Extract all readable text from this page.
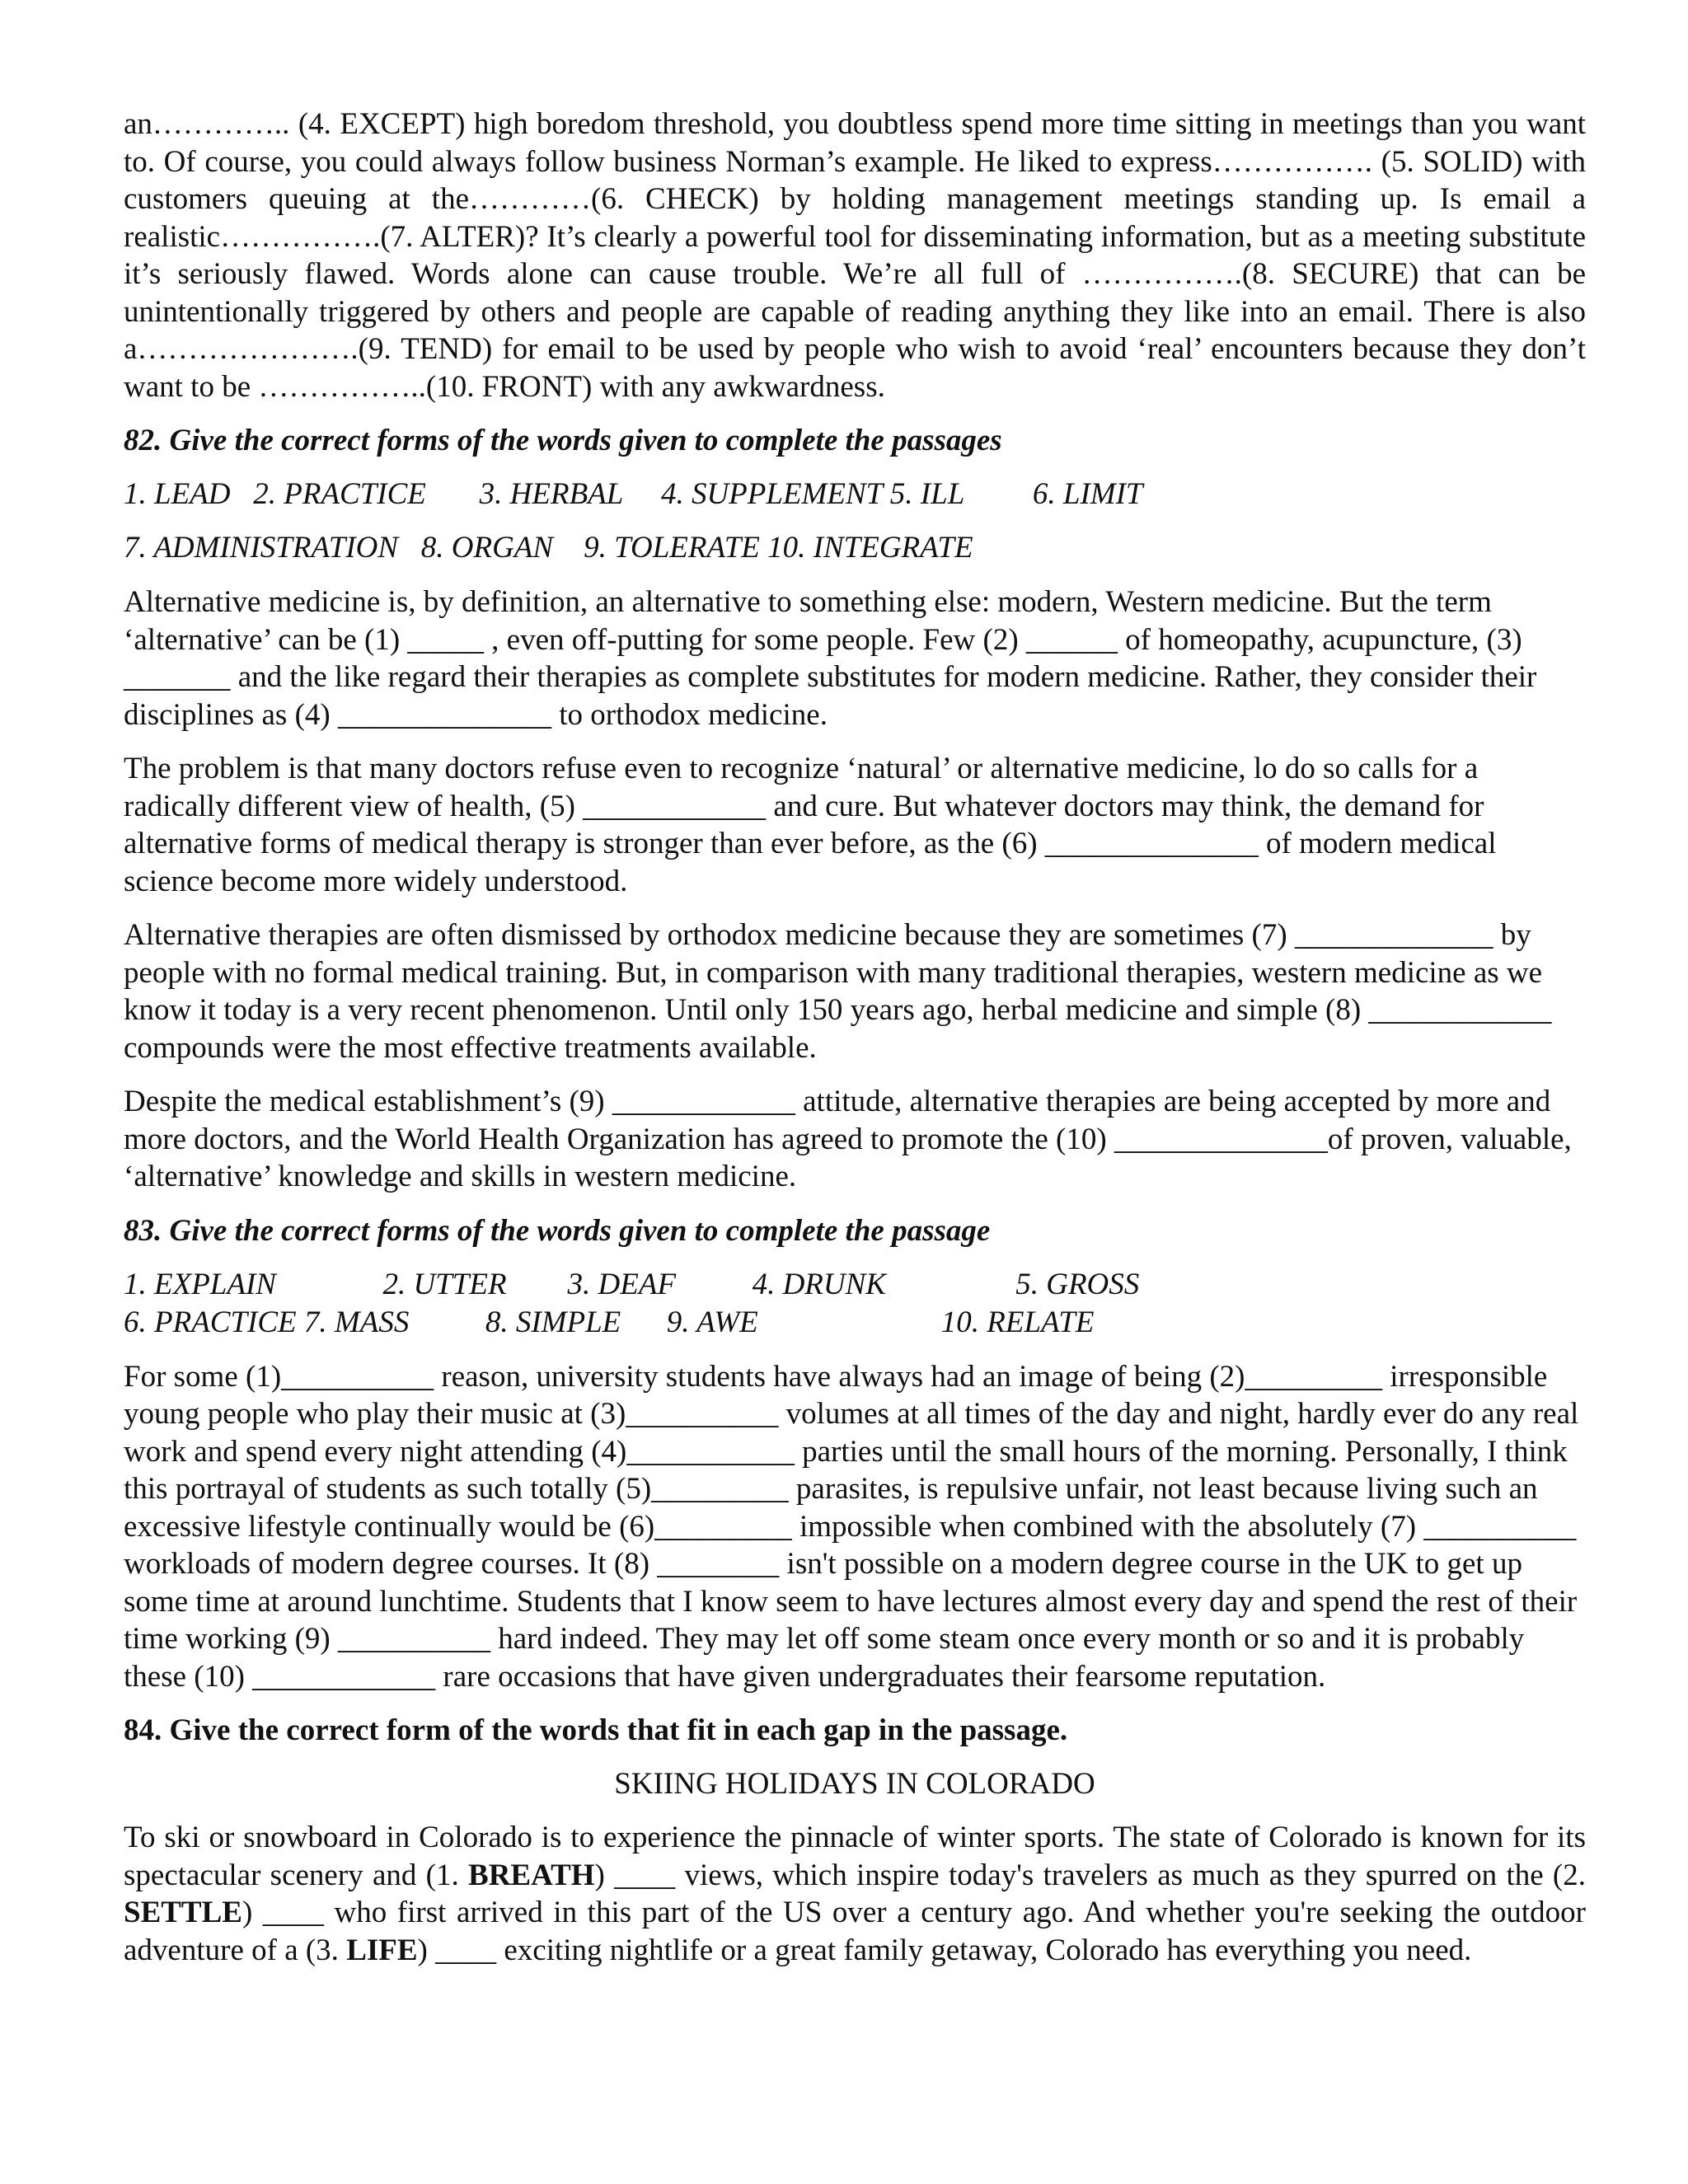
an………….. (4. EXCEPT) high boredom threshold, you doubtless spend more time sitting in meetings than you want to. Of course, you could always follow business Norman’s example. He liked to express……………. (5. SOLID) with customers queuing at the…………(6. CHECK) by holding management meetings standing up. Is email a realistic…………….(7. ALTER)? It’s clearly a powerful tool for disseminating information, but as a meeting substitute it’s seriously flawed. Words alone can cause trouble. We’re all full of …………….(8. SECURE) that can be unintentionally triggered by others and people are capable of reading anything they like into an email. There is also a………………….(9. TEND) for email to be used by people who wish to avoid ‘real’ encounters because they don’t want to be ……………..(10. FRONT) with any awkwardness.

82. Give the correct forms of the words given to complete the passages

1. LEAD   2. PRACTICE       3. HERBAL     4. SUPPLEMENT 5. ILL         6. LIMIT

7. ADMINISTRATION   8. ORGAN    9. TOLERATE 10. INTEGRATE

Alternative medicine is, by definition, an alternative to something else: modern, Western medicine. But the term ‘alternative’ can be (1) _____ , even off-putting for some people. Few (2) ______ of homeopathy, acupuncture, (3) _______ and the like regard their therapies as complete substitutes for modern medicine. Rather, they consider their disciplines as (4) ______________ to orthodox medicine.

The problem is that many doctors refuse even to recognize ‘natural’ or alternative medicine, lo do so calls for a radically different view of health, (5) ____________ and cure. But whatever doctors may think, the demand for alternative forms of medical therapy is stronger than ever before, as the (6) ______________ of modern medical science become more widely understood.

Alternative therapies are often dismissed by orthodox medicine because they are sometimes (7) _____________ by people with no formal medical training. But, in comparison with many traditional therapies, western medicine as we know it today is a very recent phenomenon. Until only 150 years ago, herbal medicine and simple (8) ____________ compounds were the most effective treatments available.

Despite the medical establishment’s (9) ____________ attitude, alternative therapies are being accepted by more and more doctors, and the World Health Organization has agreed to promote the (10) ______________of proven, valuable, ‘alternative’ knowledge and skills in western medicine.

83. Give the correct forms of the words given to complete the passage

1. EXPLAIN              2. UTTER        3. DEAF          4. DRUNK                 5. GROSS

6. PRACTICE 7. MASS          8. SIMPLE      9. AWE                        10. RELATE

For some (1)__________ reason, university students have always had an image of being (2)_________ irresponsible young people who play their music at (3)__________ volumes at all times of the day and night, hardly ever do any real work and spend every night attending (4)___________ parties until the small hours of the morning. Personally, I think this portrayal of students as such totally (5)_________ parasites, is repulsive unfair, not least because living such an excessive lifestyle continually would be (6)_________ impossible when combined with the absolutely (7) __________ workloads of modern degree courses. It (8) ________ isn't possible on a modern degree course in the UK to get up some time at around lunchtime. Students that I know seem to have lectures almost every day and spend the rest of their time working (9) __________ hard indeed. They may let off some steam once every month or so and it is probably these (10) ____________ rare occasions that have given undergraduates their fearsome reputation.

84. Give the correct form of the words that fit in each gap in the passage.

SKIING HOLIDAYS IN COLORADO

To ski or snowboard in Colorado is to experience the pinnacle of winter sports. The state of Colorado is known for its spectacular scenery and (1. BREATH) ____ views, which inspire today's travelers as much as they spurred on the (2. SETTLE) ____ who first arrived in this part of the US over a century ago. And whether you're seeking the outdoor adventure of a (3. LIFE) ____ exciting nightlife or a great family getaway, Colorado has everything you need.
